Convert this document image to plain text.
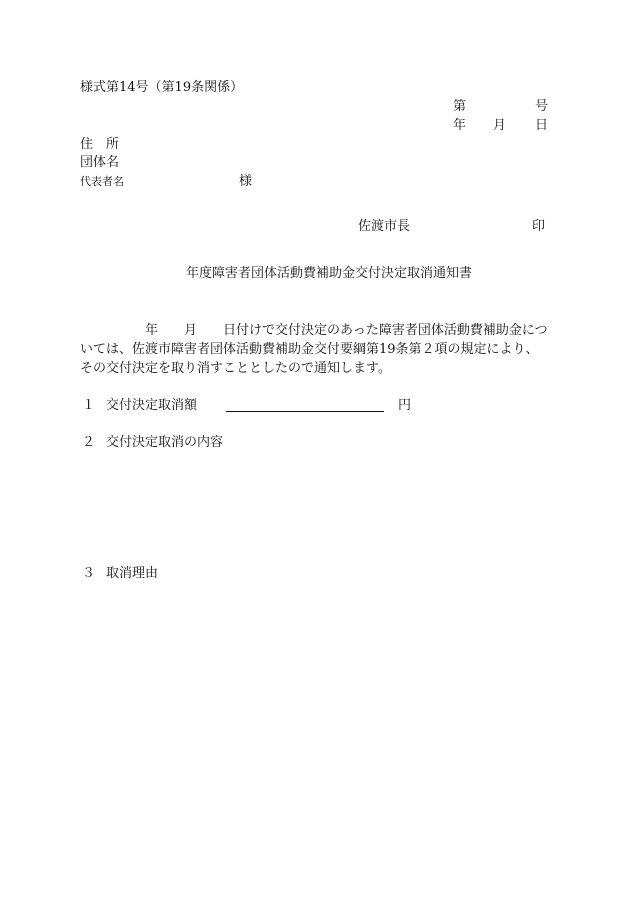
様式第14号（第19条関係）
第	号
年 月 日
住　所
団体名
代表者名	様
佐渡市長	印
年度障害者団体活動費補助金交付決定取消通知書
　　　　　年　　月　　日付けで交付決定のあった障害者団体活動費補助金につ
いては、佐渡市障害者団体活動費補助金交付要綱第19条第２項の規定により、
その交付決定を取り消すこととしたので通知します。
１ 交付決定取消額	円
２ 交付決定取消の内容
３ 取消理由
